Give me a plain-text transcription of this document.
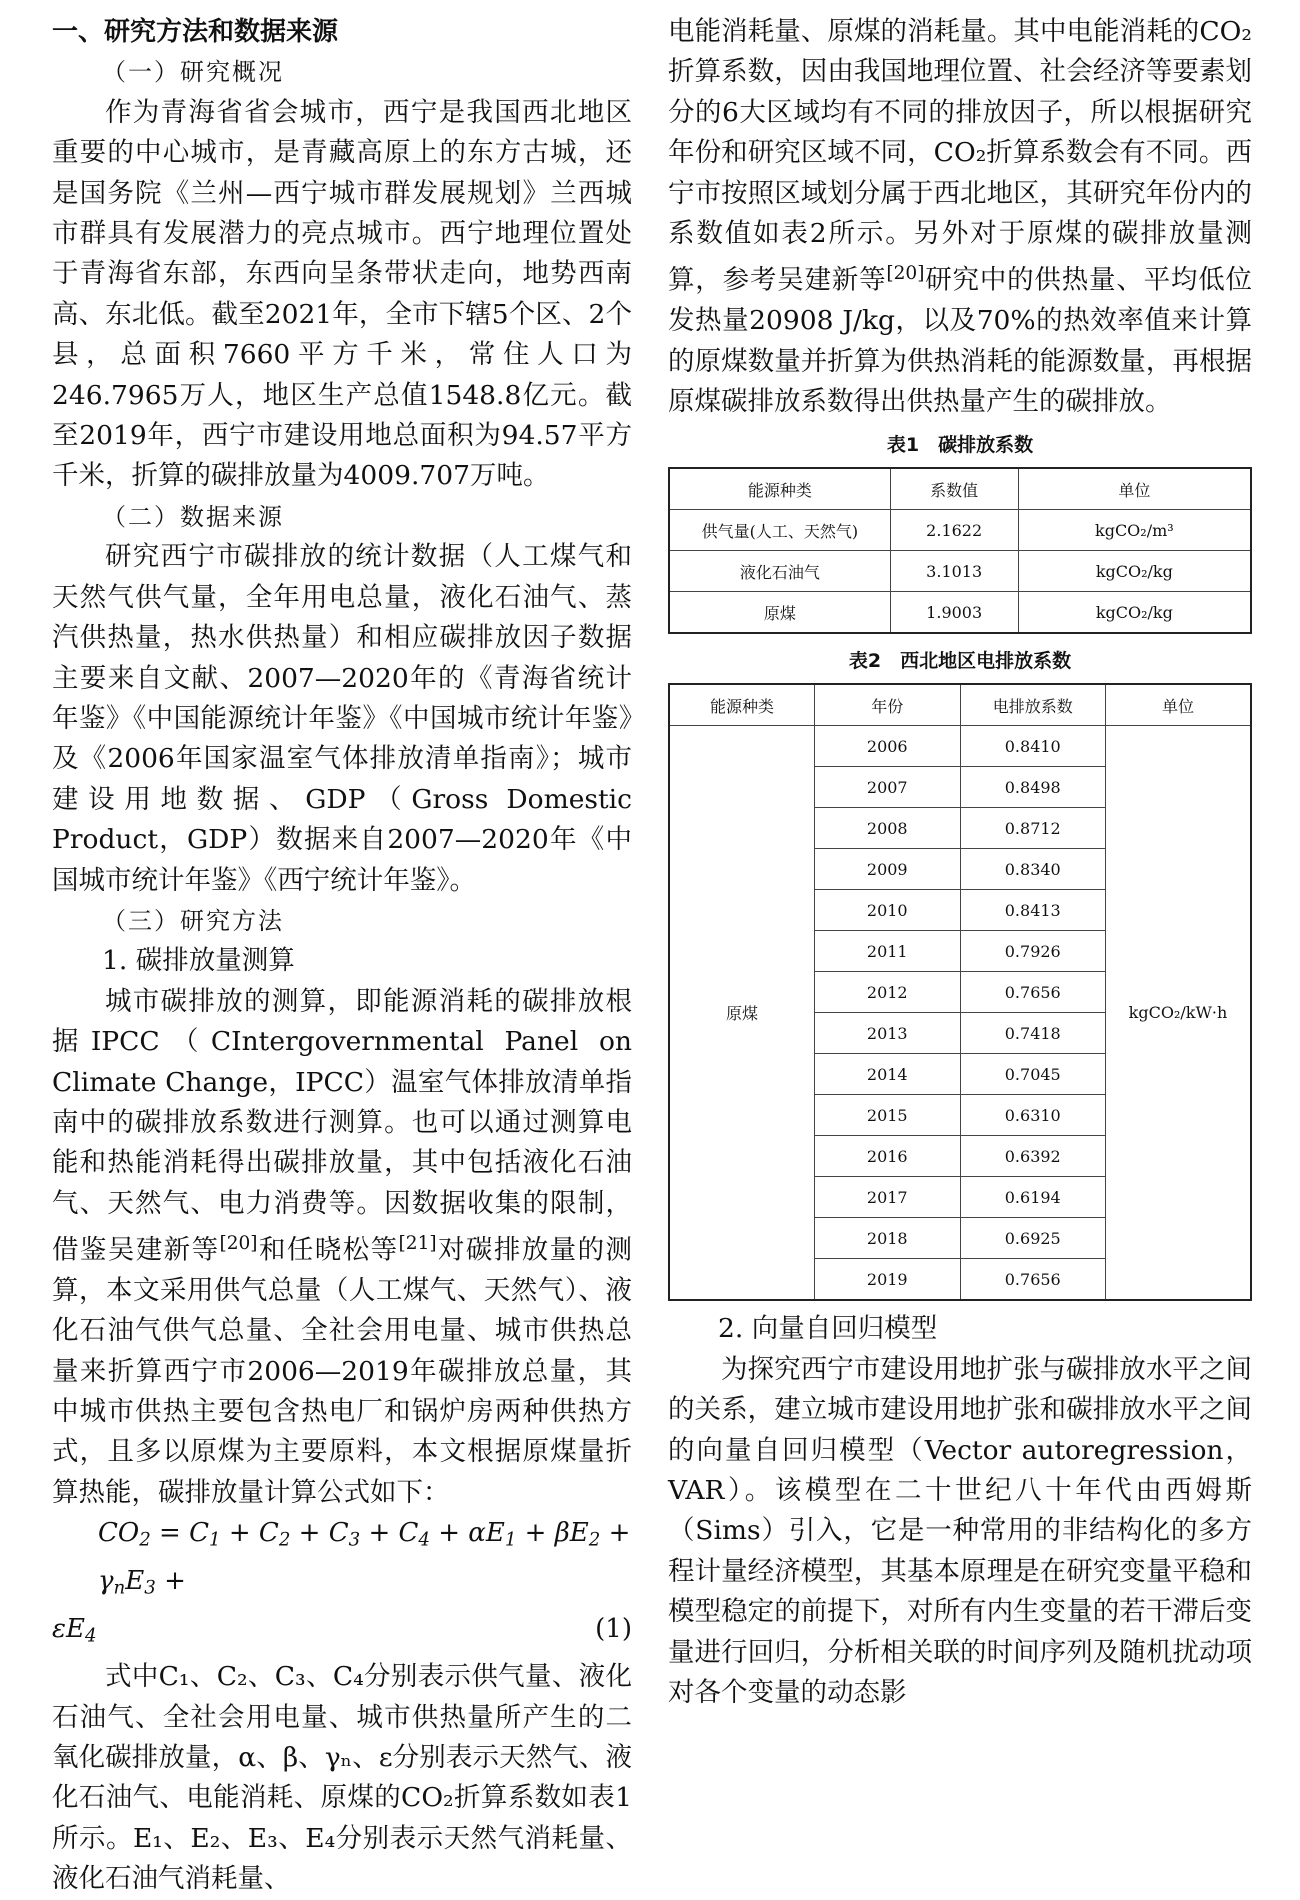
一、研究方法和数据来源

（一）研究概况

作为青海省省会城市，西宁是我国西北地区重要的中心城市，是青藏高原上的东方古城，还是国务院《兰州—西宁城市群发展规划》兰西城市群具有发展潜力的亮点城市。西宁地理位置处于青海省东部，东西向呈条带状走向，地势西南高、东北低。截至2021年，全市下辖5个区、2个县，总面积7660平方千米，常住人口为246.7965万人，地区生产总值1548.8亿元。截至2019年，西宁市建设用地总面积为94.57平方千米，折算的碳排放量为4009.707万吨。

（二）数据来源

研究西宁市碳排放的统计数据（人工煤气和天然气供气量，全年用电总量，液化石油气、蒸汽供热量，热水供热量）和相应碳排放因子数据主要来自文献、2007—2020年的《青海省统计年鉴》《中国能源统计年鉴》《中国城市统计年鉴》及《2006年国家温室气体排放清单指南》；城市建设用地数据、GDP（Gross Domestic Product，GDP）数据来自2007—2020年《中国城市统计年鉴》《西宁统计年鉴》。

（三）研究方法

1. 碳排放量测算

城市碳排放的测算，即能源消耗的碳排放根据IPCC（CIntergovernmental Panel on Climate Change，IPCC）温室气体排放清单指南中的碳排放系数进行测算。也可以通过测算电能和热能消耗得出碳排放量，其中包括液化石油气、天然气、电力消费等。因数据收集的限制，借鉴吴建新等[20]和任晓松等[21]对碳排放量的测算，本文采用供气总量（人工煤气、天然气）、液化石油气供气总量、全社会用电量、城市供热总量来折算西宁市2006—2019年碳排放总量，其中城市供热主要包含热电厂和锅炉房两种供热方式，且多以原煤为主要原料，本文根据原煤量折算热能，碳排放量计算公式如下：

$CO_2 = C_1 + C_2 + C_3 + C_4 + \alpha E_1 + \beta E_2 + \gamma_nE_3$ +
$\varepsilon E_4$	(1)

式中C₁、C₂、C₃、C₄分别表示供气量、液化石油气、全社会用电量、城市供热量所产生的二氧化碳排放量，α、β、γₙ、ε分别表示天然气、液化石油气、电能消耗、原煤的CO₂折算系数如表1所示。E₁、E₂、E₃、E₄分别表示天然气消耗量、液化石油气消耗量、

电能消耗量、原煤的消耗量。其中电能消耗的CO₂折算系数，因由我国地理位置、社会经济等要素划分的6大区域均有不同的排放因子，所以根据研究年份和研究区域不同，CO₂折算系数会有不同。西宁市按照区域划分属于西北地区，其研究年份内的系数值如表2所示。另外对于原煤的碳排放量测算，参考吴建新等[20]研究中的供热量、平均低位发热量20908 J/kg，以及70%的热效率值来计算的原煤数量并折算为供热消耗的能源数量，再根据原煤碳排放系数得出供热量产生的碳排放。

表1　碳排放系数

能源种类	系数值	单位
供气量(人工、天然气)	2.1622	kgCO₂/m³
液化石油气	3.1013	kgCO₂/kg
原煤	1.9003	kgCO₂/kg

表2　西北地区电排放系数

能源种类	年份	电排放系数	单位
原煤	2006	0.8410	kgCO₂/kW·h
	2007	0.8498	
	2008	0.8712	
	2009	0.8340	
	2010	0.8413	
	2011	0.7926	
	2012	0.7656	
	2013	0.7418	
	2014	0.7045	
	2015	0.6310	
	2016	0.6392	
	2017	0.6194	
	2018	0.6925	
	2019	0.7656	

2. 向量自回归模型

为探究西宁市建设用地扩张与碳排放水平之间的关系，建立城市建设用地扩张和碳排放水平之间的向量自回归模型（Vector autoregression，VAR）。该模型在二十世纪八十年代由西姆斯（Sims）引入，它是一种常用的非结构化的多方程计量经济模型，其基本原理是在研究变量平稳和模型稳定的前提下，对所有内生变量的若干滞后变量进行回归，分析相关联的时间序列及随机扰动项对各个变量的动态影
